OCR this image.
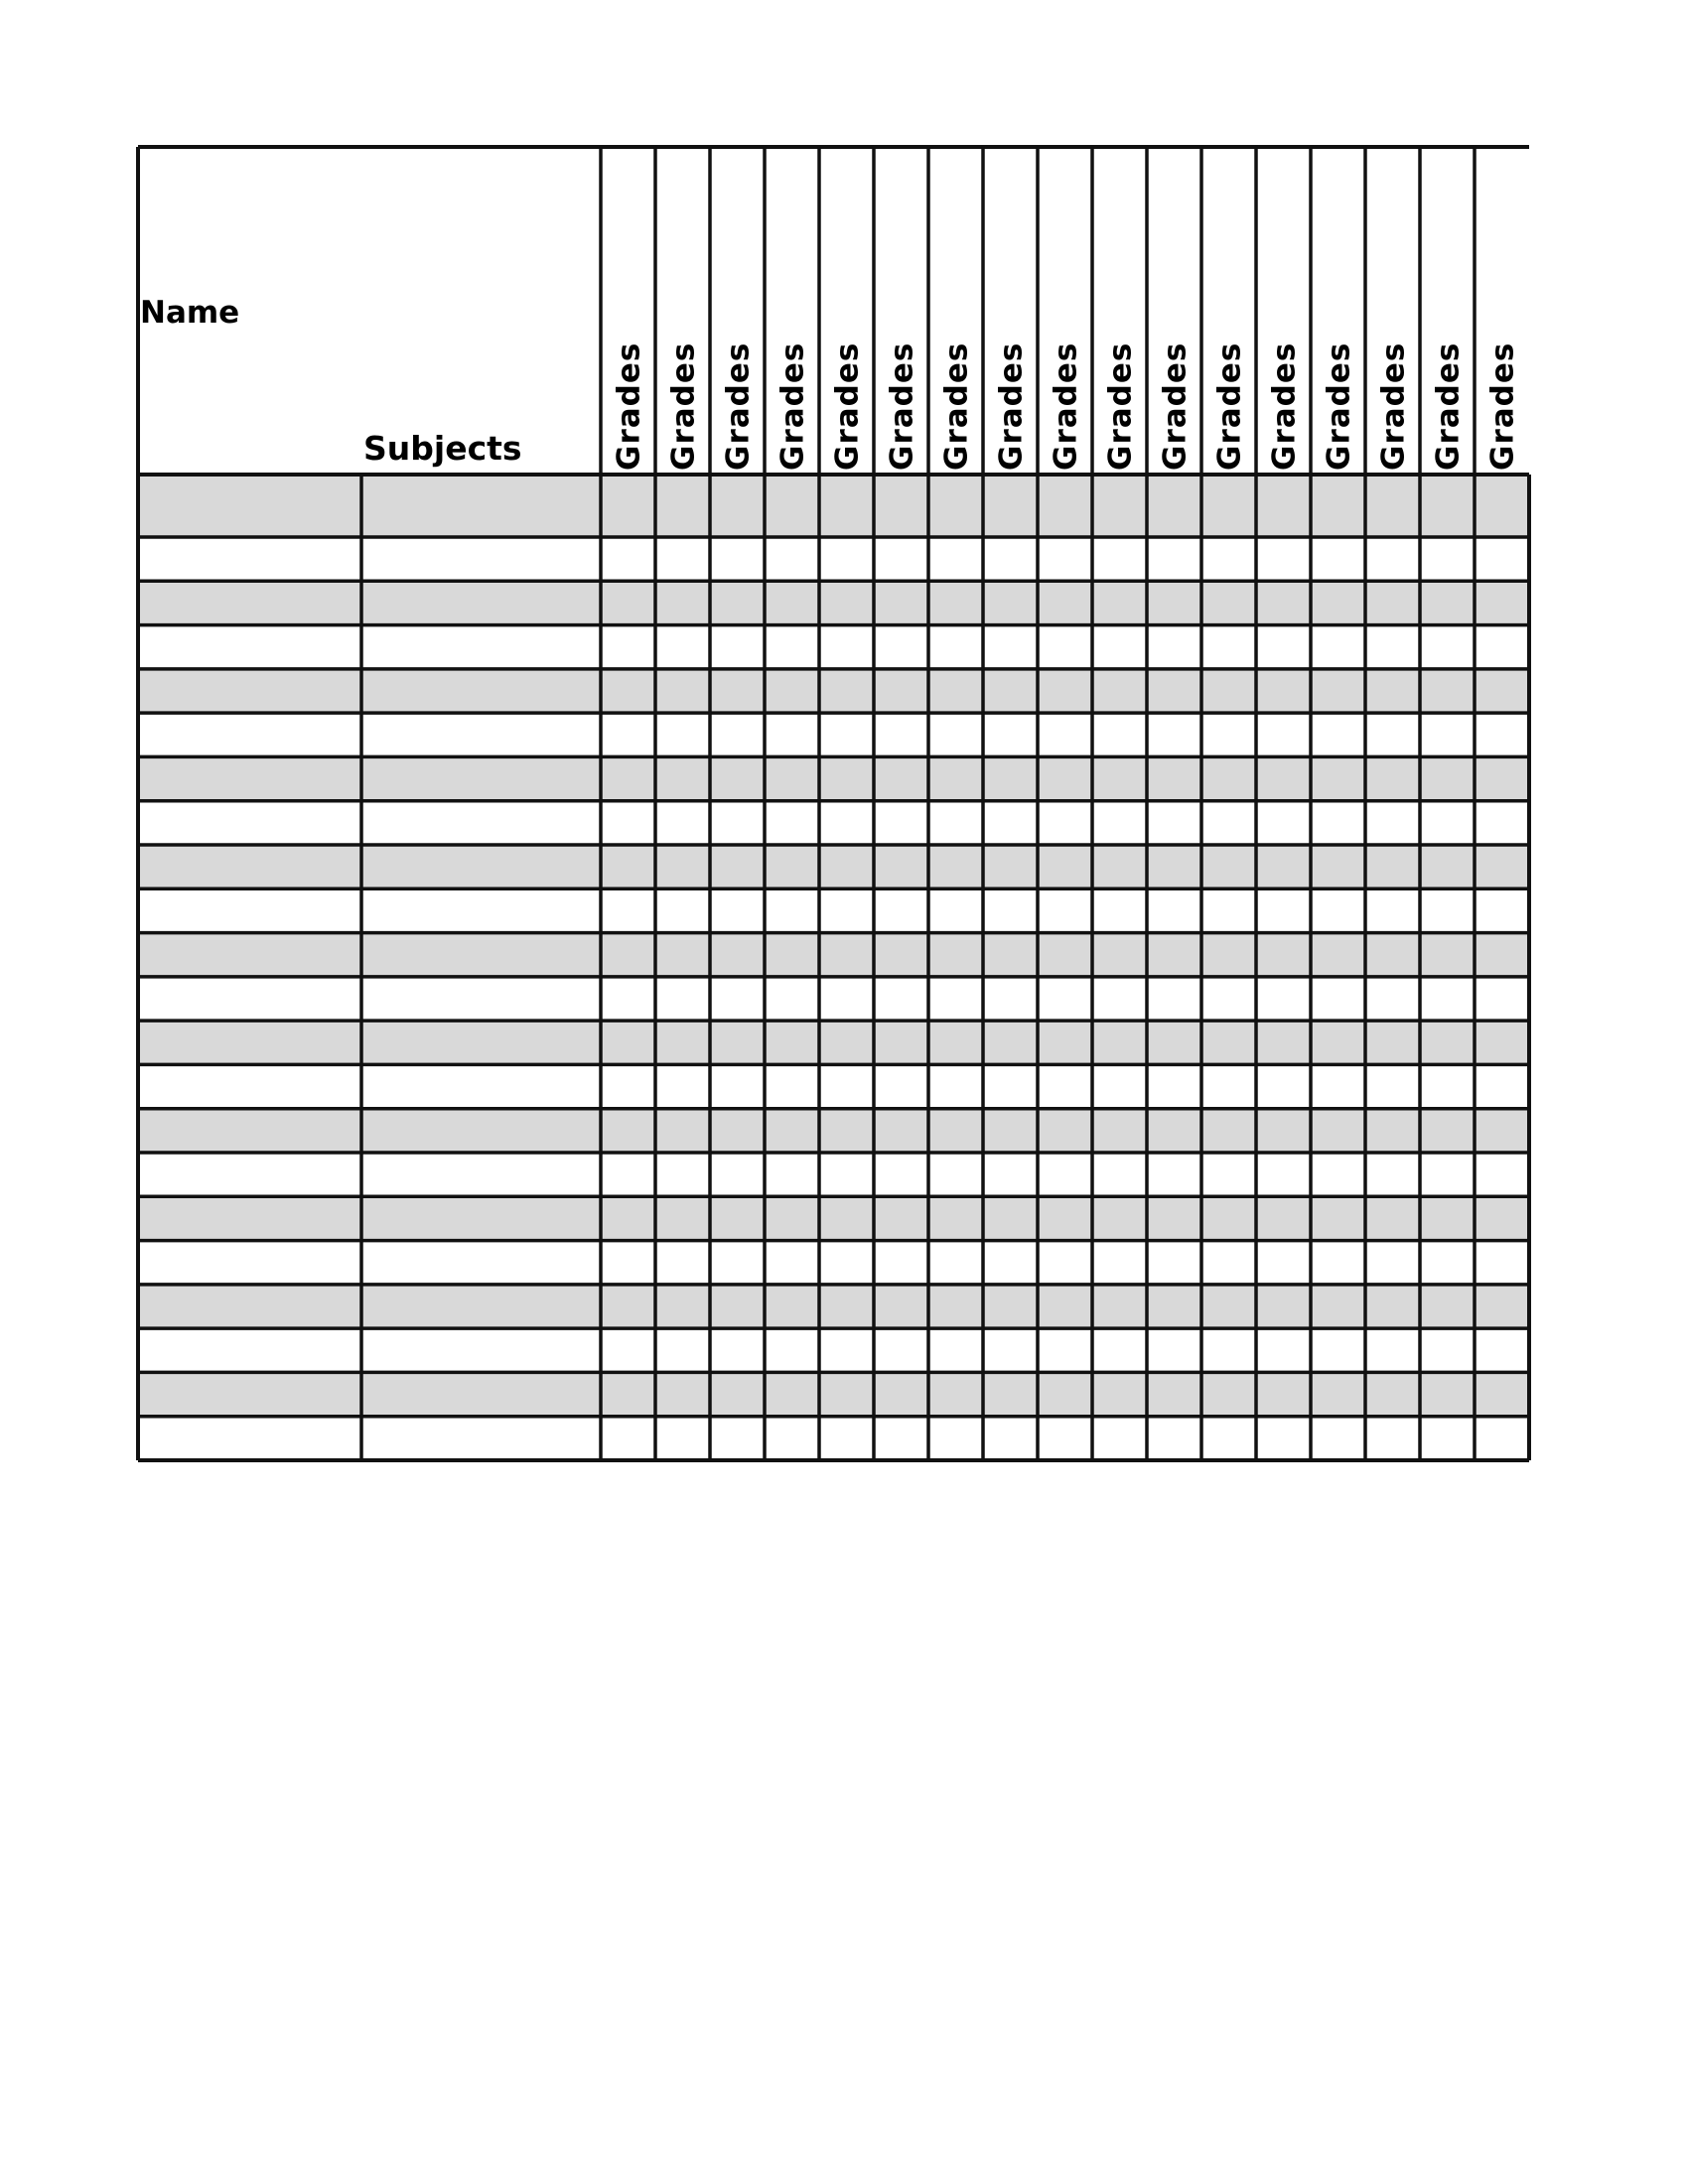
Name
Subjects	Grades Grades Grades Grades Grades Grades Grades Grades Grades Grades Grades Grades Grades Grades Grades Grades Grades
